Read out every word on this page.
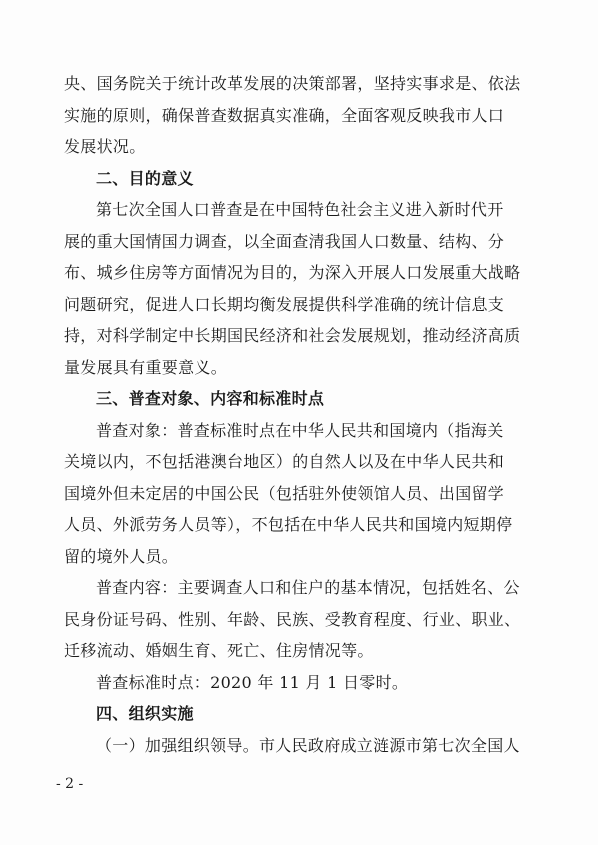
央、国务院关于统计改革发展的决策部署，坚持实事求是、依法
实施的原则，确保普查数据真实准确，全面客观反映我市人口
发展状况。
二、目的意义
第七次全国人口普查是在中国特色社会主义进入新时代开
展的重大国情国力调查，以全面查清我国人口数量、结构、分
布、城乡住房等方面情况为目的，为深入开展人口发展重大战略
问题研究，促进人口长期均衡发展提供科学准确的统计信息支
持，对科学制定中长期国民经济和社会发展规划，推动经济高质
量发展具有重要意义。
三、普查对象、内容和标准时点
普查对象：普查标准时点在中华人民共和国境内（指海关
关境以内，不包括港澳台地区）的自然人以及在中华人民共和
国境外但未定居的中国公民（包括驻外使领馆人员、出国留学
人员、外派劳务人员等），不包括在中华人民共和国境内短期停
留的境外人员。
普查内容：主要调查人口和住户的基本情况，包括姓名、公
民身份证号码、性别、年龄、民族、受教育程度、行业、职业、
迁移流动、婚姻生育、死亡、住房情况等。
普查标准时点：2020 年 11 月 1 日零时。
四、组织实施
（一）加强组织领导。市人民政府成立涟源市第七次全国人
- 2 -
